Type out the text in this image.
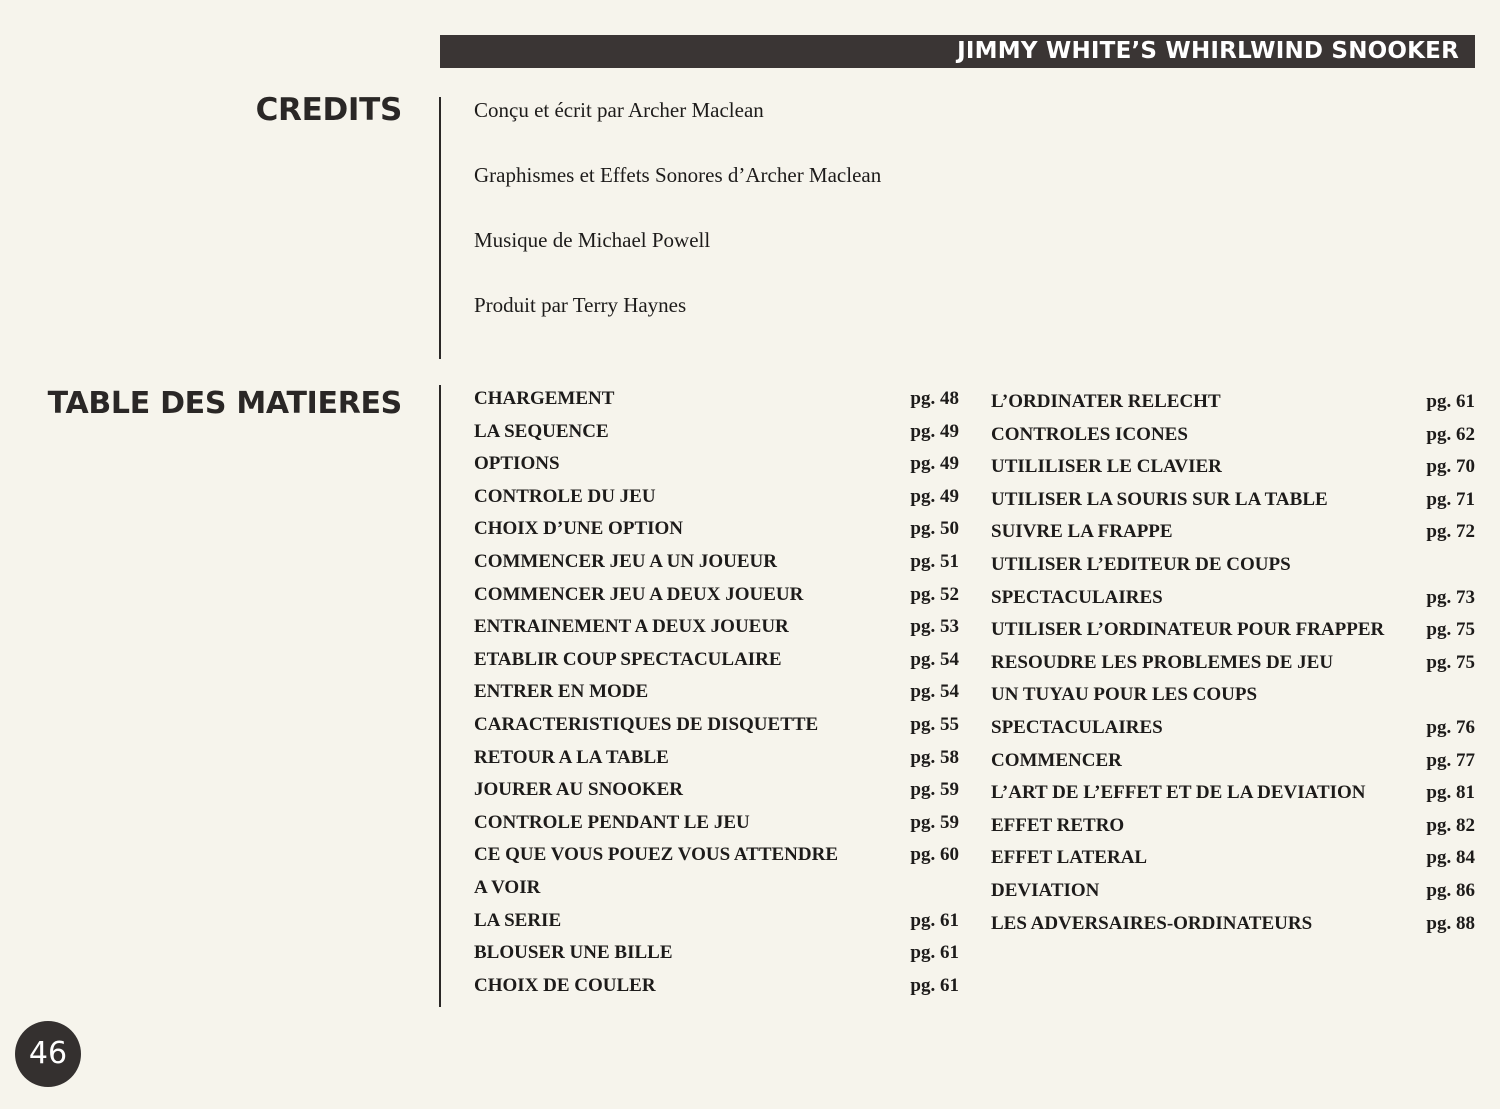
JIMMY WHITE’S WHIRLWIND SNOOKER
CREDITS	Conçu et écrit par Archer Maclean
Graphismes et Effets Sonores d’Archer Maclean
Musique de Michael Powell
Produit par Terry Haynes
TABLE DES MATIERES	CHARGEMENT	pg. 48
LA SEQUENCE	pg. 49
OPTIONS	pg. 49
CONTROLE DU JEU	pg. 49
CHOIX D’UNE OPTION	pg. 50
COMMENCER JEU A UN JOUEUR	pg. 51
COMMENCER JEU A DEUX JOUEUR	pg. 52
ENTRAINEMENT A DEUX JOUEUR	pg. 53
ETABLIR COUP SPECTACULAIRE	pg. 54
ENTRER EN MODE	pg. 54
CARACTERISTIQUES DE DISQUETTE	pg. 55
RETOUR A LA TABLE	pg. 58
JOURER AU SNOOKER	pg. 59
CONTROLE PENDANT LE JEU	pg. 59
CE QUE VOUS POUEZ VOUS ATTENDRE	pg. 60
A VOIR
LA SERIE	pg. 61
BLOUSER UNE BILLE	pg. 61
CHOIX DE COULER	pg. 61
L’ORDINATER RELECHT	pg. 61
CONTROLES ICONES	pg. 62
UTILILISER LE CLAVIER	pg. 70
UTILISER LA SOURIS SUR LA TABLE	pg. 71
SUIVRE LA FRAPPE	pg. 72
UTILISER L’EDITEUR DE COUPS
SPECTACULAIRES	pg. 73
UTILISER L’ORDINATEUR POUR FRAPPER pg. 75
RESOUDRE LES PROBLEMES DE JEU	pg. 75
UN TUYAU POUR LES COUPS
SPECTACULAIRES	pg. 76
COMMENCER	pg. 77
L’ART DE L’EFFET ET DE LA DEVIATION	pg. 81
EFFET RETRO	pg. 82
EFFET LATERAL	pg. 84
DEVIATION	pg. 86
LES ADVERSAIRES-ORDINATEURS	pg. 88
46
